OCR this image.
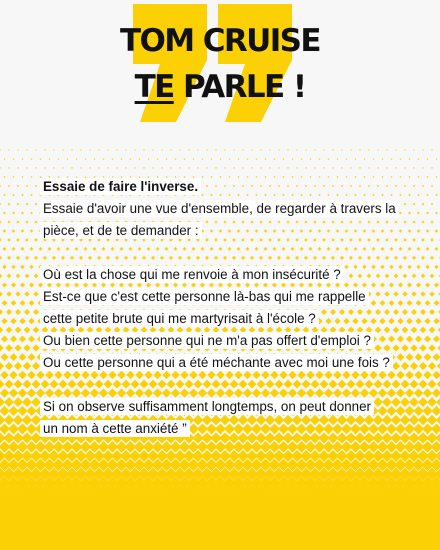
TOM CRUISE
TE PARLE !
Essaie de faire l'inverse.
Essaie d'avoir une vue d'ensemble, de regarder à travers la
pièce, et de te demander :
Où est la chose qui me renvoie à mon insécurité ?
Est-ce que c'est cette personne là-bas qui me rappelle
cette petite brute qui me martyrisait à l'école ?
Ou bien cette personne qui ne m'a pas offert d'emploi ?
Ou cette personne qui a été méchante avec moi une fois ?
Si on observe suffisamment longtemps, on peut donner
un nom à cette anxiété ”
